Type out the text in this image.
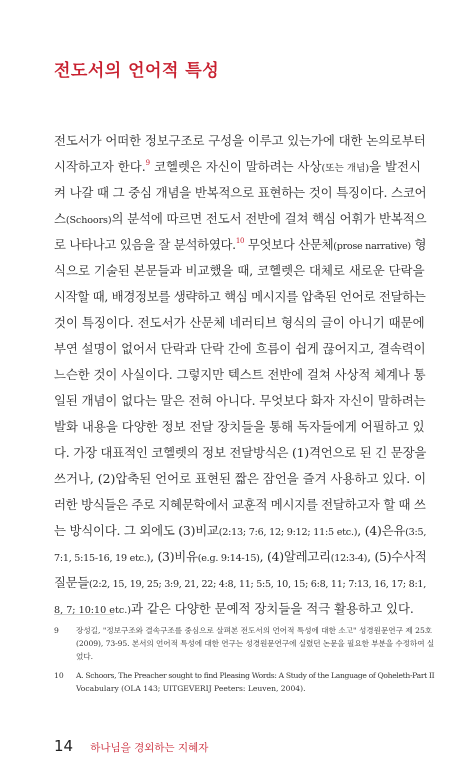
전도서의 언어적 특성
전도서가 어떠한 정보구조로 구성을 이루고 있는가에 대한 논의로부터
시작하고자 한다.$^9$ 코헬렛은 자신이 말하려는 사상(또는 개념)을 발전시
켜 나갈 때 그 중심 개념을 반복적으로 표현하는 것이 특징이다. 스코어
스(Schoors)의 분석에 따르면 전도서 전반에 걸쳐 핵심 어휘가 반복적으
로 나타나고 있음을 잘 분석하였다.$^{10}$ 무엇보다 산문체(prose narrative) 형
식으로 기술된 본문들과 비교했을 때, 코헬렛은 대체로 새로운 단락을
시작할 때, 배경정보를 생략하고 핵심 메시지를 압축된 언어로 전달하는
것이 특징이다. 전도서가 산문체 네러티브 형식의 글이 아니기 때문에
부연 설명이 없어서 단락과 단락 간에 흐름이 쉽게 끊어지고, 결속력이
느슨한 것이 사실이다. 그렇지만 텍스트 전반에 걸쳐 사상적 체계나 통
일된 개념이 없다는 말은 전혀 아니다. 무엇보다 화자 자신이 말하려는
발화 내용을 다양한 정보 전달 장치들을 통해 독자들에게 어필하고 있
다. 가장 대표적인 코헬렛의 정보 전달방식은 (1)격언으로 된 긴 문장을
쓰거나, (2)압축된 언어로 표현된 짧은 잠언을 즐겨 사용하고 있다. 이
러한 방식들은 주로 지혜문학에서 교훈적 메시지를 전달하고자 할 때 쓰
는 방식이다. 그 외에도 (3)비교(2:13; 7:6, 12; 9:12; 11:5 etc.), (4)은유(3:5,
7:1, 5:15-16, 19 etc.), (3)비유(e.g. 9:14-15), (4)알레고리(12:3-4), (5)수사적
질문들(2:2, 15, 19, 25; 3:9, 21, 22; 4:8, 11; 5:5, 10, 15; 6:8, 11; 7:13, 16, 17; 8:1,
8, 7; 10:10 etc.)과 같은 다양한 문예적 장치들을 적극 활용하고 있다.
9 장성길, "정보구조와 결속구조를 중심으로 살펴본 전도서의 언어적 특성에 대한 소고" 성경원문연구 제 25호
(2009), 73-95. 본서의 언어적 특성에 대한 연구는 성경원문연구에 실렸던 논문을 필요한 부분을 수정하여 실
었다.
10 A. Schoors, The Preacher sought to find Pleasing Words: A Study of the Language of Qoheleth-Part II
Vocabulary (OLA 143; UITGEVERIJ Peeters: Leuven, 2004).
14 하나님을 경외하는 지혜자
